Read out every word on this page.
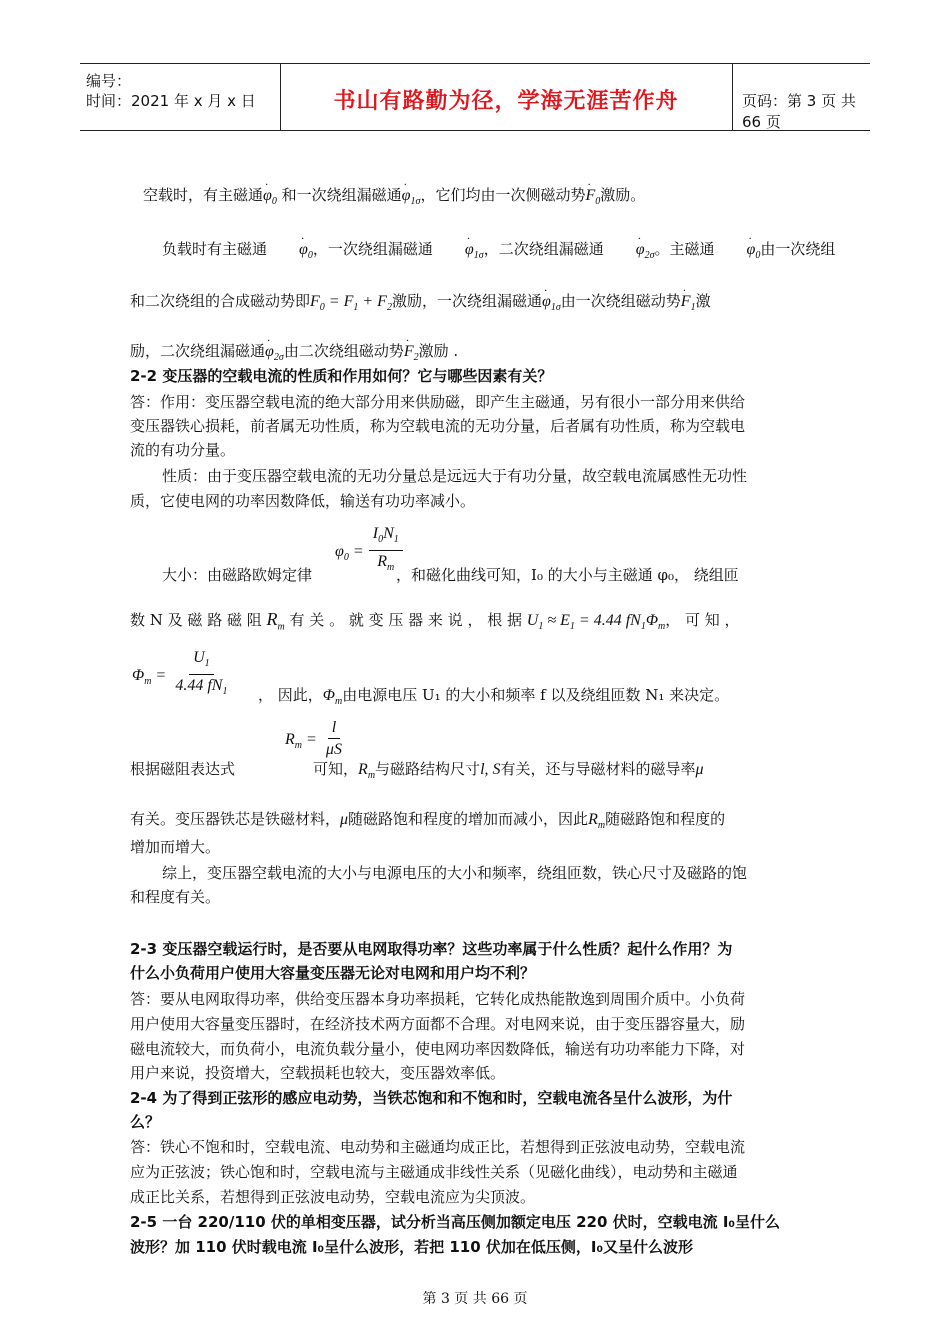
编号：
时间：2021 年 x 月 x 日	书山有路勤为径，学海无涯苦作舟	页码：第 3 页 共 66 页
空载时，有主磁通· $\varphi_0$ 和一次绕组漏磁通· $\varphi_{1\sigma}$，它们均由一次侧磁动势· $F_0$激励。
负载时有主磁通 · $\varphi_0$，一次绕组漏磁通 · $\varphi_{1\sigma}$，二次绕组漏磁通 · $\varphi_{2\sigma}$。主磁通 · $\varphi_0$由一次绕组
和二次绕组的合成磁动势即$F_0 = F_1 + F_2$激励，一次绕组漏磁通· $\varphi_{1\sigma}$由一次绕组磁动势· $F_1$激
励，二次绕组漏磁通· $\varphi_{2\sigma}$由二次绕组磁动势· $F_2$激励 .
2-2 变压器的空载电流的性质和作用如何？它与哪些因素有关？
答：作用：变压器空载电流的绝大部分用来供励磁，即产生主磁通，另有很小一部分用来供给
变压器铁心损耗，前者属无功性质，称为空载电流的无功分量，后者属有功性质，称为空载电
流的有功分量。
性质：由于变压器空载电流的无功分量总是远远大于有功分量，故空载电流属感性无功性
质，它使电网的功率因数降低，输送有功功率减小。
$\varphi_0 = \frac{I_0N_1}{R_m}$
大小：由磁路欧姆定律	，和磁化曲线可知，I₀ 的大小与主磁通 φ₀， 绕组匝
数 N 及 磁 路 磁 阻 $R_m$ 有 关 。 就 变 压 器 来 说 ， 根 据 $U_1 \approx E_1 = 4.44$ $fN_1\Phi_m$， 可 知 ，
$\Phi_m = \frac{U_1}{4.44 fN_1}$ ， 因此，$\Phi_m$由电源电压 U₁ 的大小和频率 f 以及绕组匝数 N₁ 来决定。
$R_m = \frac{l}{\mu S}$
根据磁阻表达式	可知，$R_m$与磁路结构尺寸l, S有关，还与导磁材料的磁导率μ
有关。变压器铁芯是铁磁材料，μ随磁路饱和程度的增加而减小，因此$R_m$随磁路饱和程度的
增加而增大。
综上，变压器空载电流的大小与电源电压的大小和频率，绕组匝数，铁心尺寸及磁路的饱
和程度有关。
2-3 变压器空载运行时，是否要从电网取得功率？这些功率属于什么性质？起什么作用？为
什么小负荷用户使用大容量变压器无论对电网和用户均不利？
答：要从电网取得功率，供给变压器本身功率损耗，它转化成热能散逸到周围介质中。小负荷
用户使用大容量变压器时，在经济技术两方面都不合理。对电网来说，由于变压器容量大，励
磁电流较大，而负荷小，电流负载分量小，使电网功率因数降低，输送有功功率能力下降，对
用户来说，投资增大，空载损耗也较大，变压器效率低。
2-4 为了得到正弦形的感应电动势，当铁芯饱和和不饱和时，空载电流各呈什么波形，为什
么？
答：铁心不饱和时，空载电流、电动势和主磁通均成正比，若想得到正弦波电动势，空载电流
应为正弦波；铁心饱和时，空载电流与主磁通成非线性关系（见磁化曲线），电动势和主磁通
成正比关系，若想得到正弦波电动势，空载电流应为尖顶波。
2-5 一台 220/110 伏的单相变压器，试分析当高压侧加额定电压 220 伏时，空载电流 I₀呈什么
波形？加 110 伏时载电流 I₀呈什么波形，若把 110 伏加在低压侧，I₀又呈什么波形
第 3 页 共 66 页
